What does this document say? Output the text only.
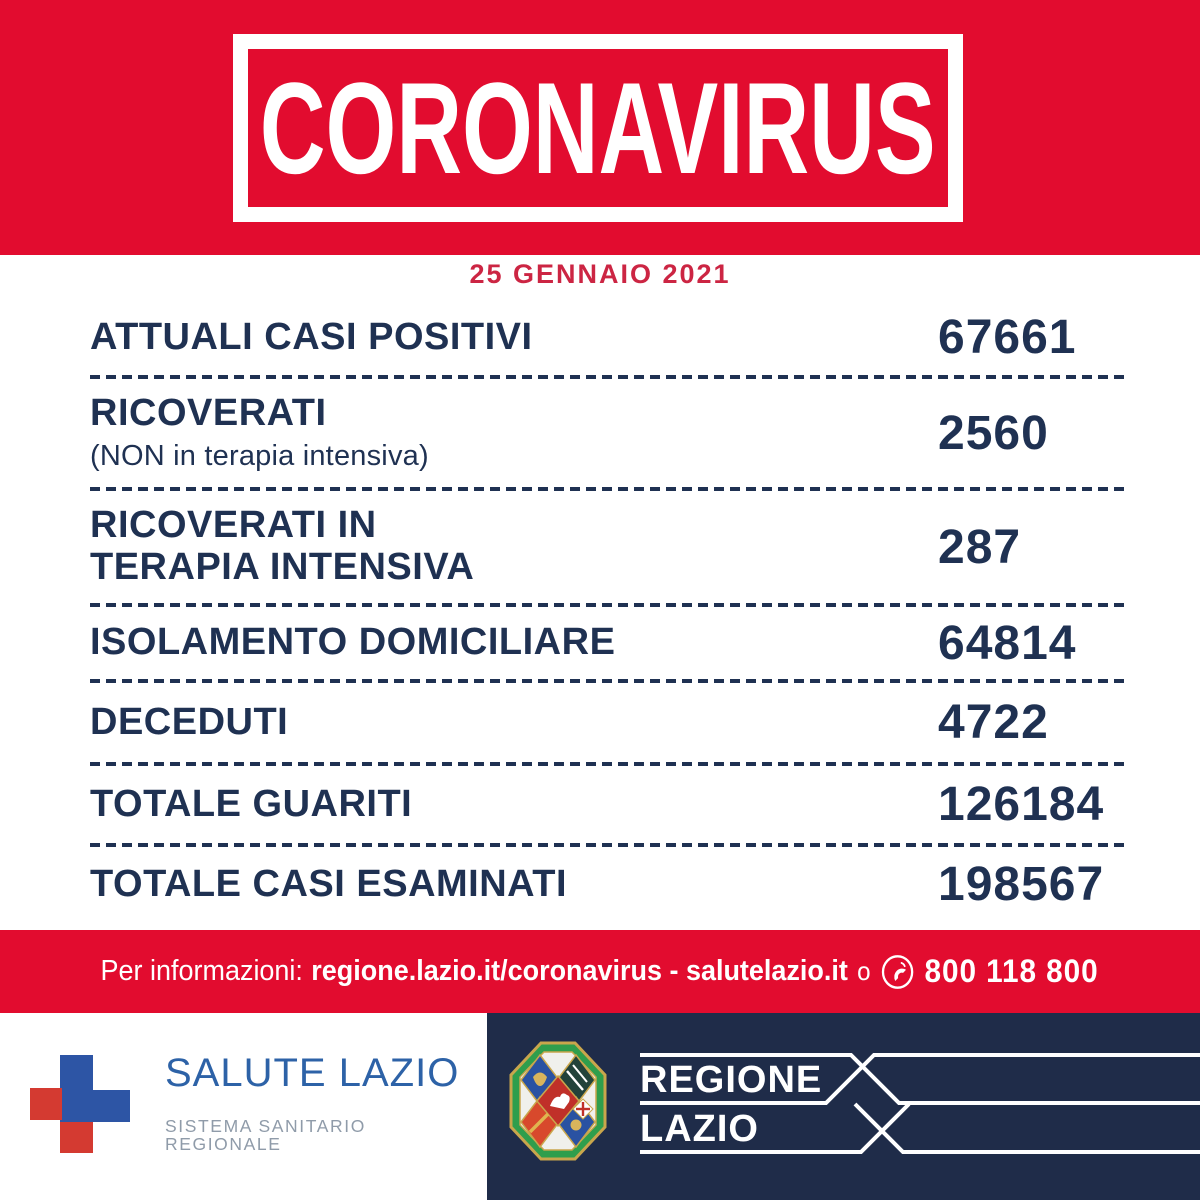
CORONAVIRUS
25 GENNAIO 2021
ATTUALI CASI POSITIVI	67661
RICOVERATI
(NON in terapia intensiva)	2560
RICOVERATI IN
TERAPIA INTENSIVA	287
ISOLAMENTO DOMICILIARE	64814
DECEDUTI	4722
TOTALE GUARITI	126184
TOTALE CASI ESAMINATI	198567
Per informazioni: regione.lazio.it/coronavirus - salutelazio.it o 800 118 800
SALUTE LAZIO
SISTEMA SANITARIO REGIONALE
REGIONE
LAZIO
